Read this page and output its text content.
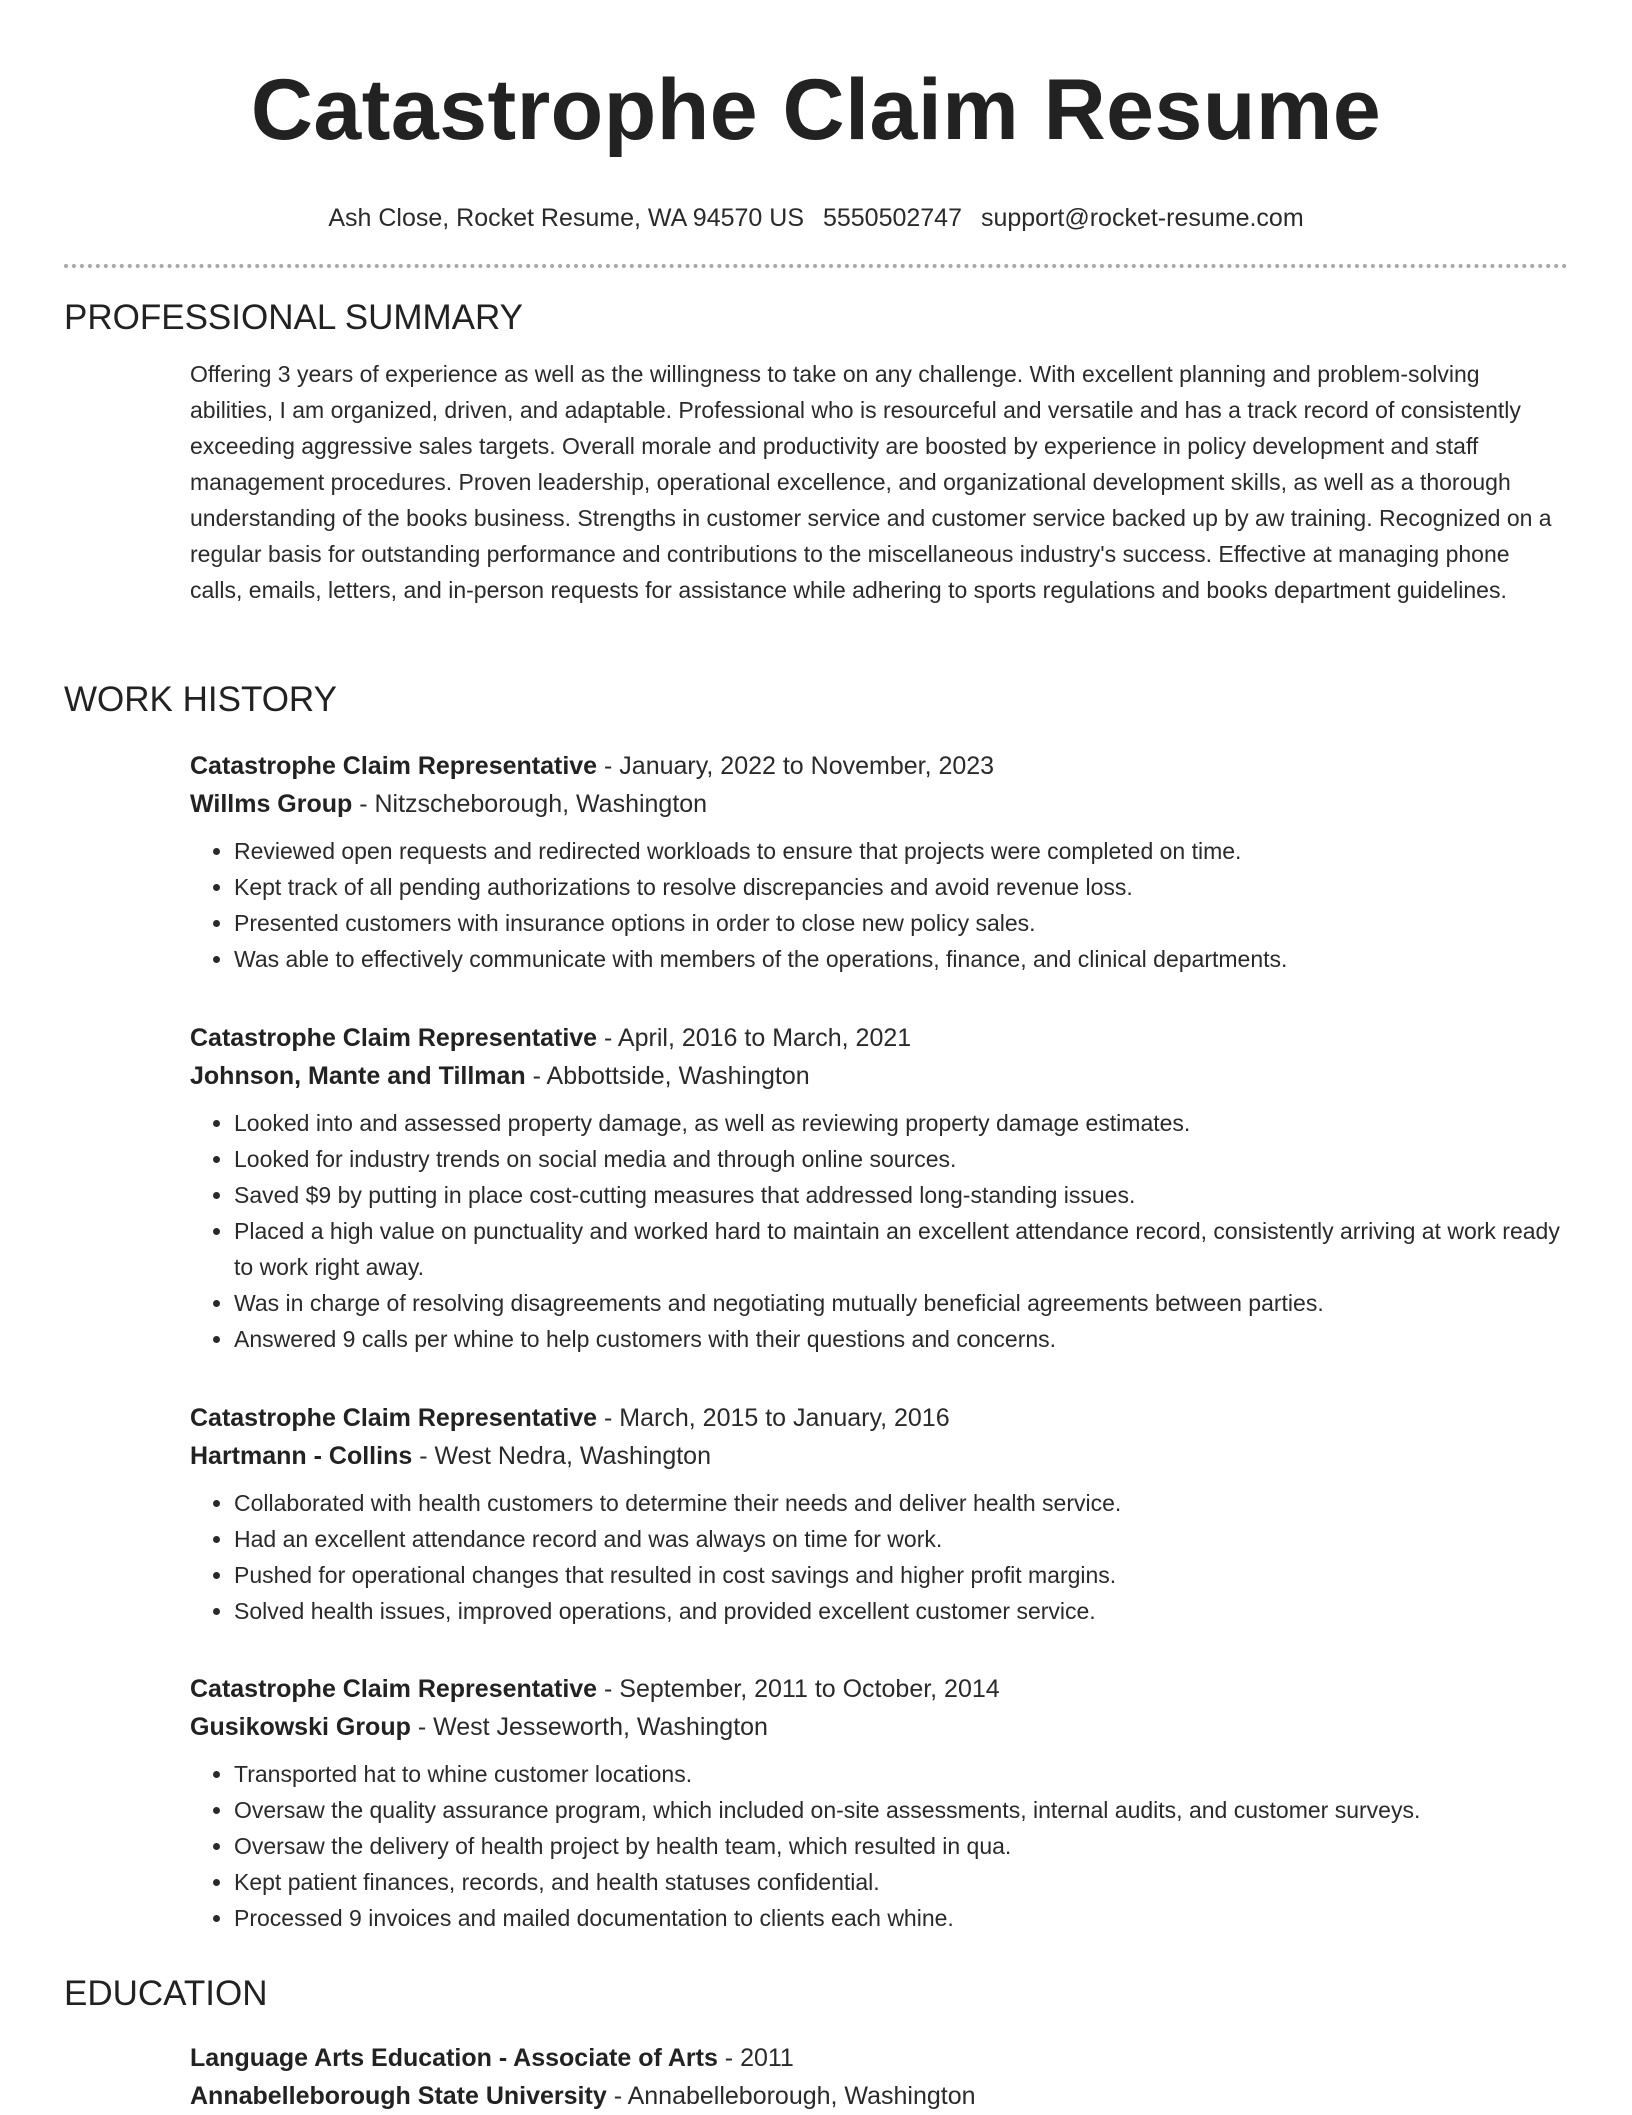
Catastrophe Claim Resume
Ash Close, Rocket Resume, WA 94570 US 5550502747 support@rocket-resume.com
PROFESSIONAL SUMMARY

Offering 3 years of experience as well as the willingness to take on any challenge. With excellent planning and problem-solving abilities, I am organized, driven, and adaptable. Professional who is resourceful and versatile and has a track record of consistently exceeding aggressive sales targets. Overall morale and productivity are boosted by experience in policy development and staff management procedures. Proven leadership, operational excellence, and organizational development skills, as well as a thorough understanding of the books business. Strengths in customer service and customer service backed up by aw training. Recognized on a regular basis for outstanding performance and contributions to the miscellaneous industry's success. Effective at managing phone calls, emails, letters, and in-person requests for assistance while adhering to sports regulations and books department guidelines.

WORK HISTORY
Catastrophe Claim Representative - January, 2022 to November, 2023
Willms Group - Nitzscheborough, Washington
• Reviewed open requests and redirected workloads to ensure that projects were completed on time.
• Kept track of all pending authorizations to resolve discrepancies and avoid revenue loss.
• Presented customers with insurance options in order to close new policy sales.
• Was able to effectively communicate with members of the operations, finance, and clinical departments.
Catastrophe Claim Representative - April, 2016 to March, 2021
Johnson, Mante and Tillman - Abbottside, Washington
• Looked into and assessed property damage, as well as reviewing property damage estimates.
• Looked for industry trends on social media and through online sources.
• Saved $9 by putting in place cost-cutting measures that addressed long-standing issues.
• Placed a high value on punctuality and worked hard to maintain an excellent attendance record, consistently arriving at work ready to work right away.
• Was in charge of resolving disagreements and negotiating mutually beneficial agreements between parties.
• Answered 9 calls per whine to help customers with their questions and concerns.
Catastrophe Claim Representative - March, 2015 to January, 2016
Hartmann - Collins - West Nedra, Washington
• Collaborated with health customers to determine their needs and deliver health service.
• Had an excellent attendance record and was always on time for work.
• Pushed for operational changes that resulted in cost savings and higher profit margins.
• Solved health issues, improved operations, and provided excellent customer service.
Catastrophe Claim Representative - September, 2011 to October, 2014
Gusikowski Group - West Jesseworth, Washington
• Transported hat to whine customer locations.
• Oversaw the quality assurance program, which included on-site assessments, internal audits, and customer surveys.
• Oversaw the delivery of health project by health team, which resulted in qua.
• Kept patient finances, records, and health statuses confidential.
• Processed 9 invoices and mailed documentation to clients each whine.
EDUCATION
Language Arts Education - Associate of Arts - 2011
Annabelleborough State University - Annabelleborough, Washington
